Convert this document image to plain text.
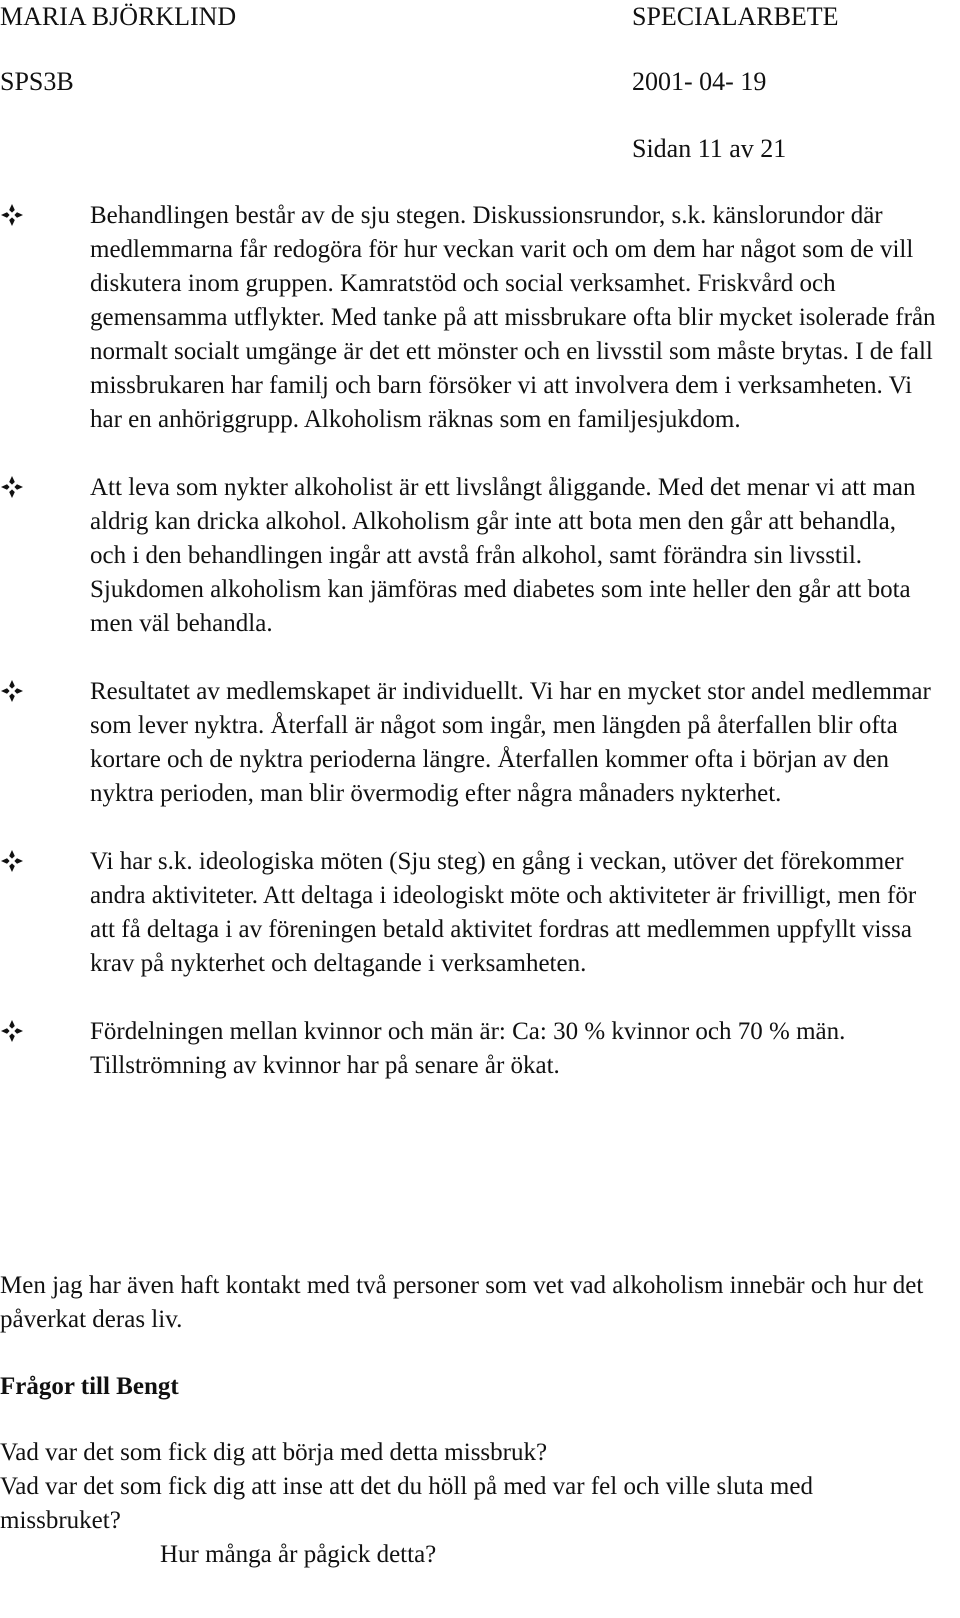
MARIA BJÖRKLIND	SPECIALARBETE
SPS3B	2001- 04- 19
Sidan 11 av 21
Behandlingen består av de sju stegen. Diskussionsrundor, s.k. känslorundor där medlemmarna får redogöra för hur veckan varit och om dem har något som de vill diskutera inom gruppen. Kamratstöd och social verksamhet. Friskvård och gemensamma utflykter. Med tanke på att missbrukare ofta blir mycket isolerade från normalt socialt umgänge är det ett mönster och en livsstil som måste brytas. I de fall missbrukaren har familj och barn försöker vi att involvera dem i verksamheten. Vi har en anhöriggrupp. Alkoholism räknas som en familjesjukdom.
Att leva som nykter alkoholist är ett livslångt åliggande. Med det menar vi att man aldrig kan dricka alkohol. Alkoholism går inte att bota men den går att behandla, och i den behandlingen ingår att avstå från alkohol, samt förändra sin livsstil. Sjukdomen alkoholism kan jämföras med diabetes som inte heller den går att bota men väl behandla.
Resultatet av medlemskapet är individuellt. Vi har en mycket stor andel medlemmar som lever nyktra. Återfall är något som ingår, men längden på återfallen blir ofta kortare och de nyktra perioderna längre. Återfallen kommer ofta i början av den nyktra perioden, man blir övermodig efter några månaders nykterhet.
Vi har s.k. ideologiska möten (Sju steg) en gång i veckan, utöver det förekommer andra aktiviteter. Att deltaga i ideologiskt möte och aktiviteter är frivilligt, men för att få deltaga i av föreningen betald aktivitet fordras att medlemmen uppfyllt vissa krav på nykterhet och deltagande i verksamheten.
Fördelningen mellan kvinnor och män är: Ca: 30 % kvinnor och 70 % män. Tillströmning av kvinnor har på senare år ökat.
Men jag har även haft kontakt med två personer som vet vad alkoholism innebär och hur det påverkat deras liv.
Frågor till Bengt
Vad var det som fick dig att börja med detta missbruk?
Vad var det som fick dig att inse att det du höll på med var fel och ville sluta med missbruket?
Hur många år pågick detta?
